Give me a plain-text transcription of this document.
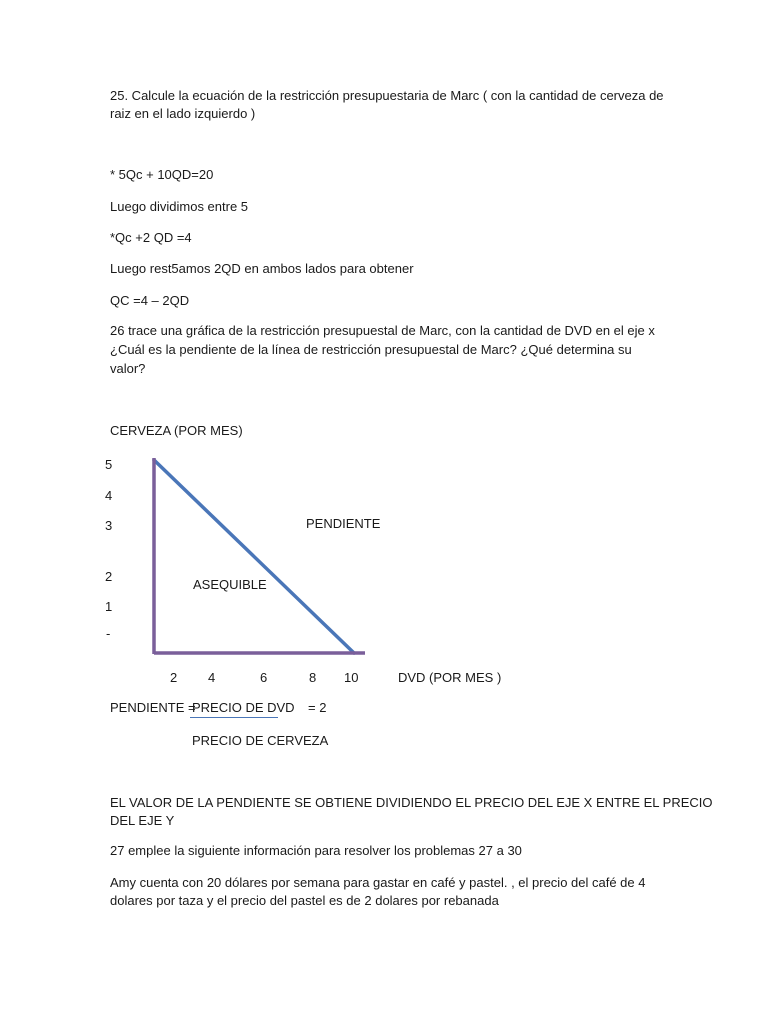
25. Calcule la ecuación de la restricción presupuestaria de Marc ( con la cantidad de cerveza de

raiz en el lado izquierdo )

* 5Qc + 10QD=20

Luego dividimos entre 5

*Qc +2 QD =4

Luego rest5amos 2QD en ambos lados para obtener

QC =4 – 2QD

26 trace una gráfica de la restricción presupuestal de Marc, con la cantidad de DVD en el eje x

¿Cuál es la pendiente de la línea de restricción presupuestal de Marc? ¿Qué determina su

valor?

CERVEZA (POR MES)

5

4

3

2

1

-

PENDIENTE

ASEQUIBLE

2 4	6	8 10	DVD (POR MES )

PENDIENTE =

PRECIO DE DVD = 2

PRECIO DE CERVEZA

EL VALOR DE LA PENDIENTE SE OBTIENE DIVIDIENDO EL PRECIO DEL EJE X ENTRE EL PRECIO

DEL EJE Y

27 emplee la siguiente información para resolver los problemas 27 a 30

Amy cuenta con 20 dólares por semana para gastar en café y pastel. , el precio del café de 4

dolares por taza y el precio del pastel es de 2 dolares por rebanada
